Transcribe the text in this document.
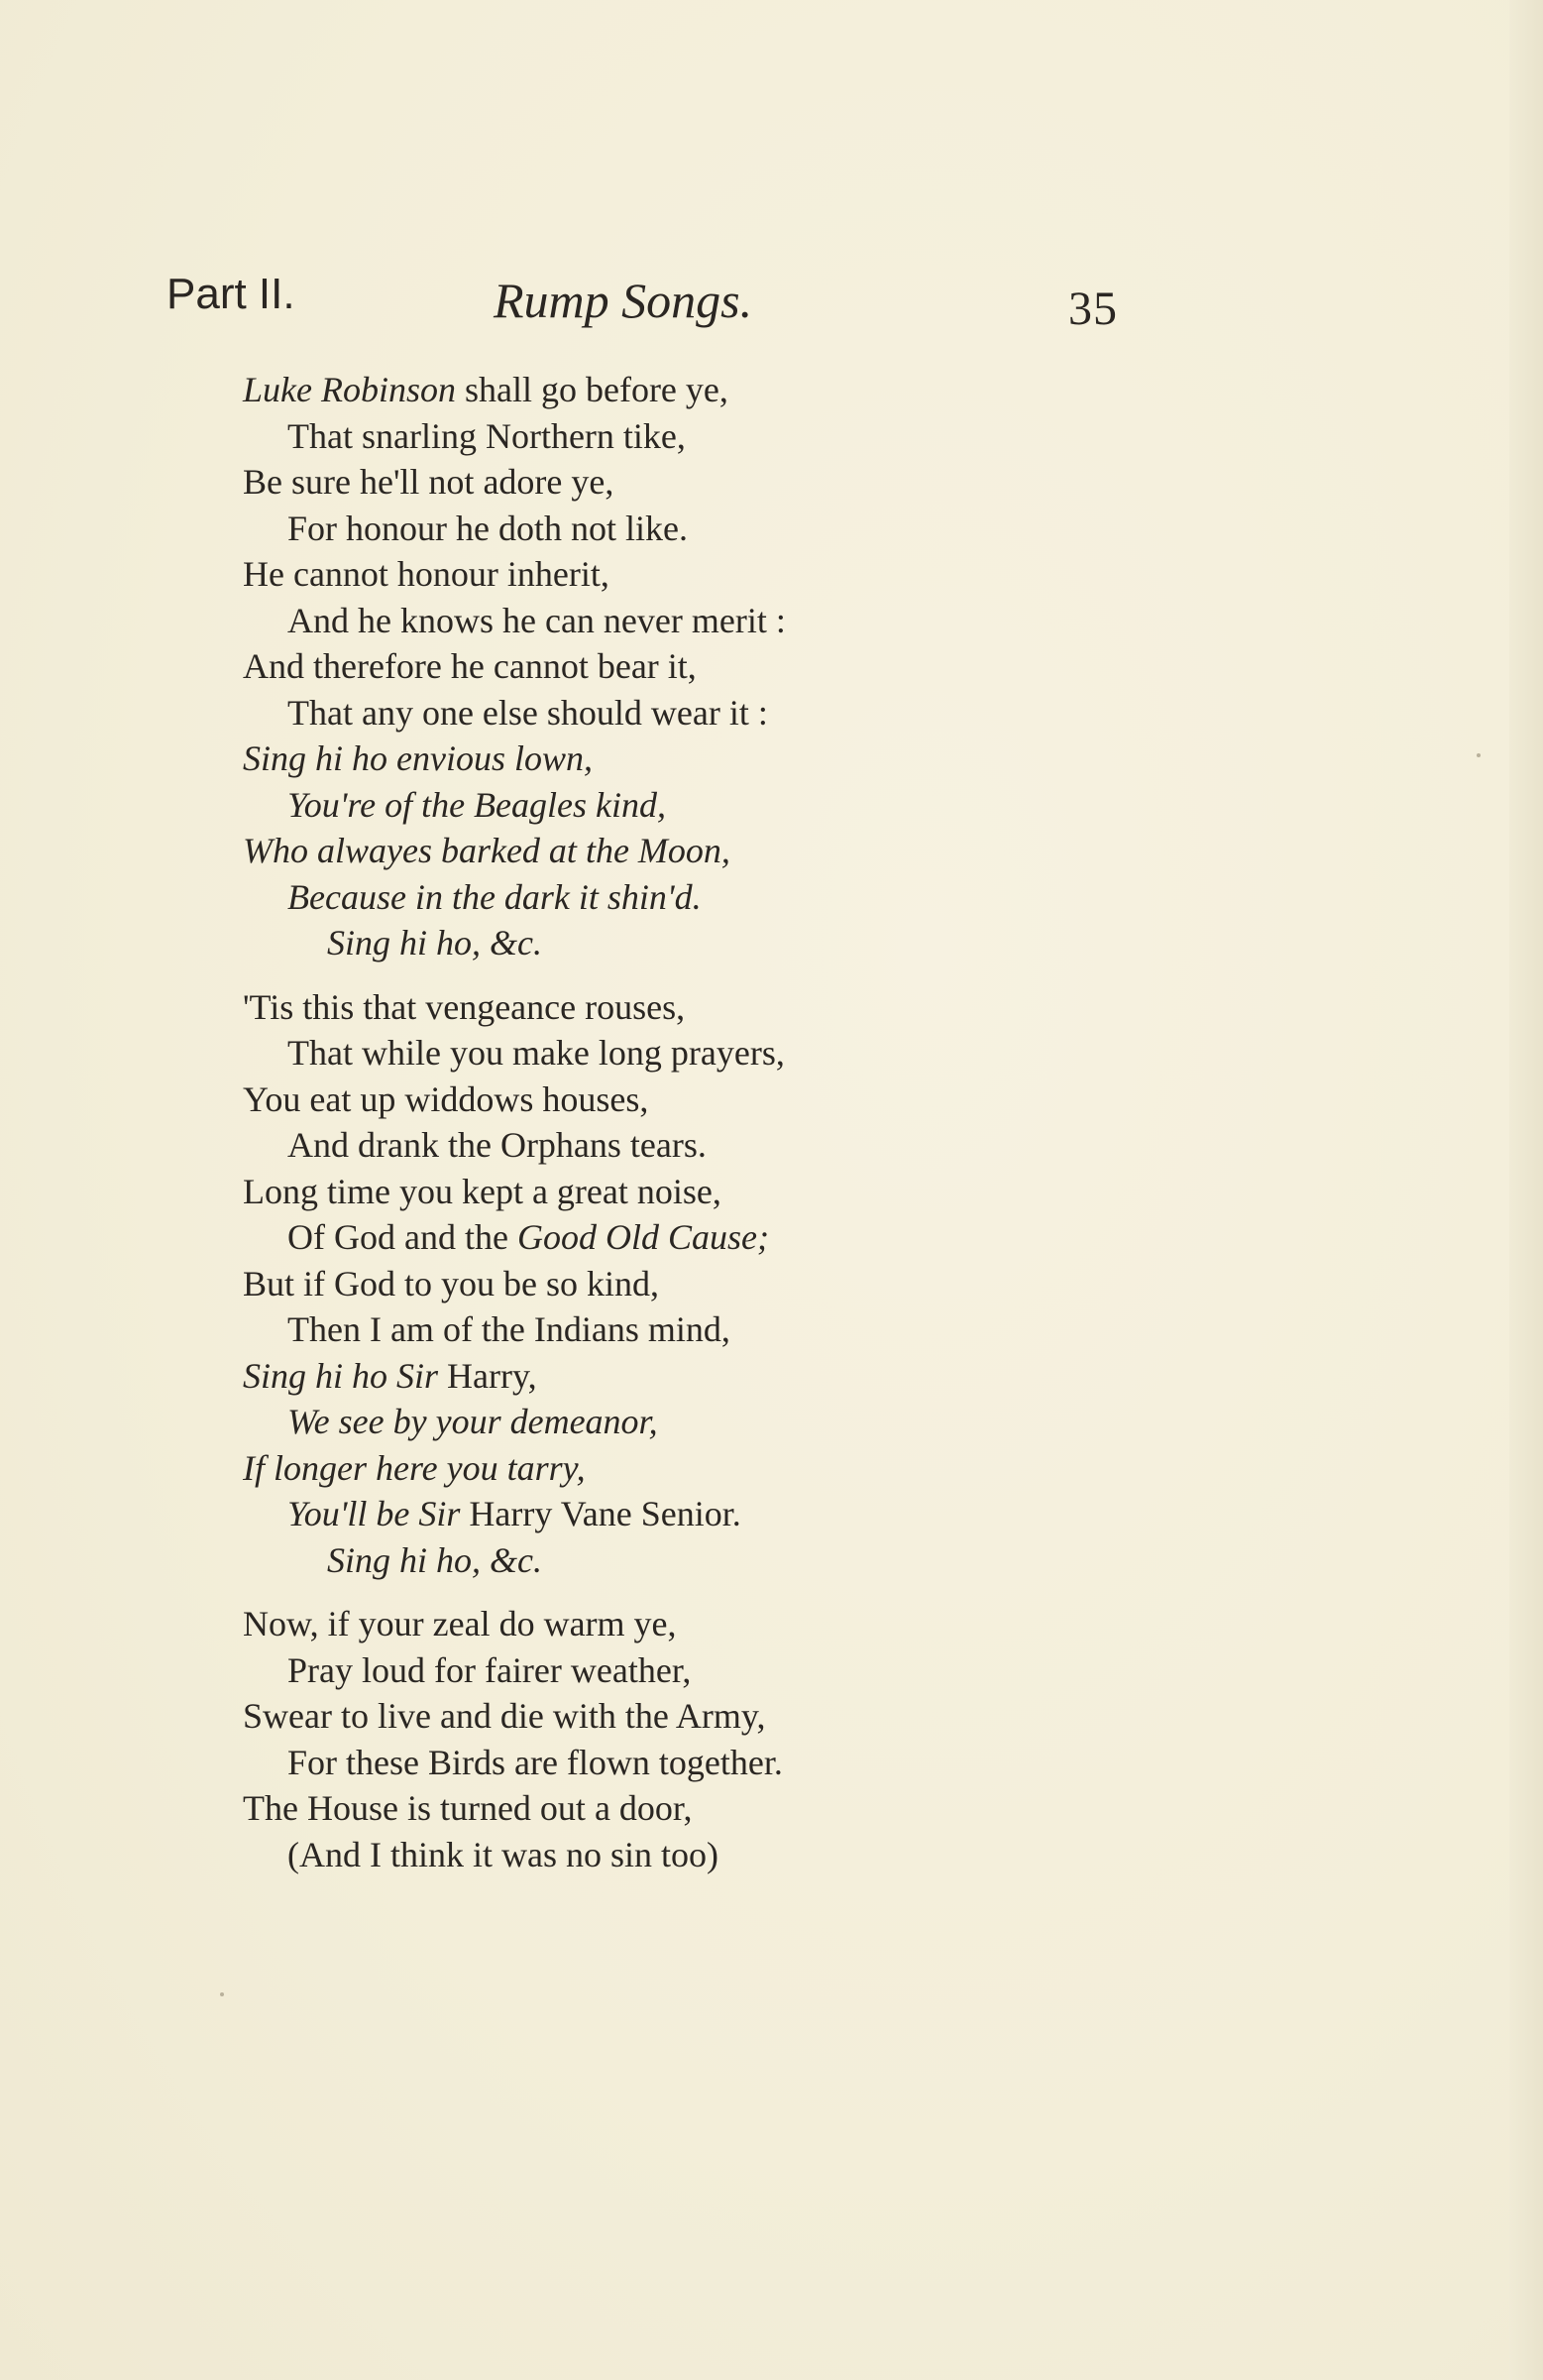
Part II.	Rump Songs.	35
Luke Robinson shall go before ye,
That snarling Northern tike,
Be sure he'll not adore ye,
For honour he doth not like.
He cannot honour inherit,
And he knows he can never merit :
And therefore he cannot bear it,
That any one else should wear it :
Sing hi ho envious lown,
You're of the Beagles kind,
Who alwayes barked at the Moon,
Because in the dark it shin'd.
Sing hi ho, &c.
'Tis this that vengeance rouses,
That while you make long prayers,
You eat up widdows houses,
And drank the Orphans tears.
Long time you kept a great noise,
Of God and the Good Old Cause;
But if God to you be so kind,
Then I am of the Indians mind,
Sing hi ho Sir Harry,
We see by your demeanor,
If longer here you tarry,
You'll be Sir Harry Vane Senior.
Sing hi ho, &c.
Now, if your zeal do warm ye,
Pray loud for fairer weather,
Swear to live and die with the Army,
For these Birds are flown together.
The House is turned out a door,
(And I think it was no sin too)
